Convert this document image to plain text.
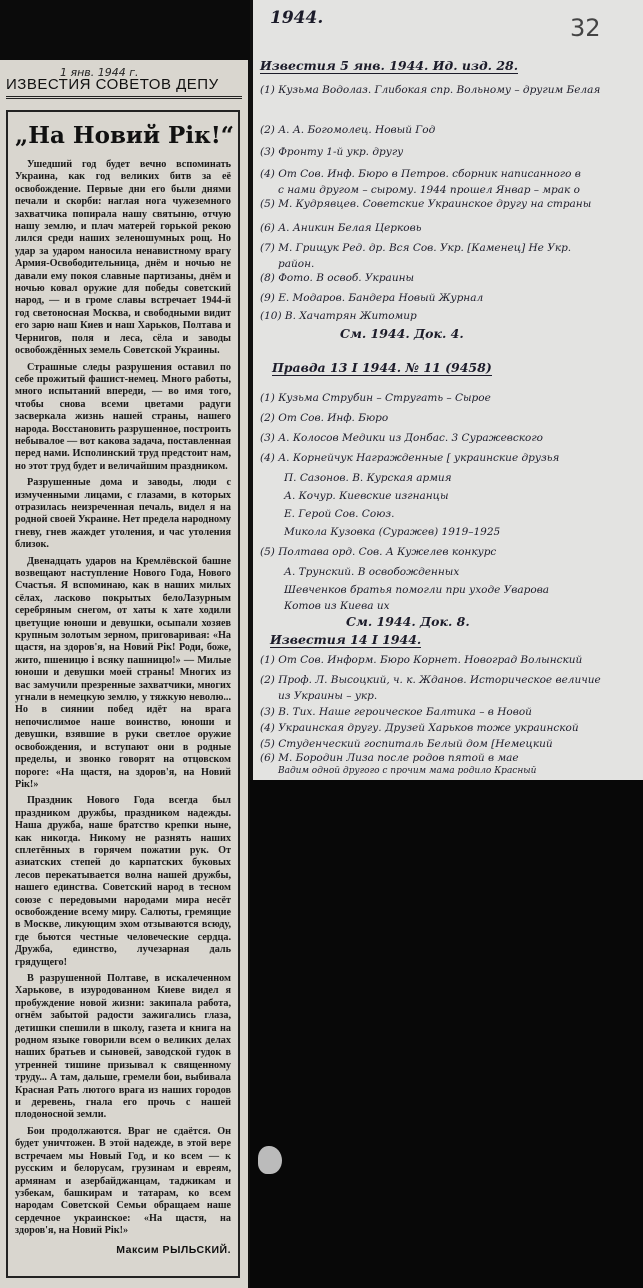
32
1944.
Известия 5 янв. 1944. Ид. изд. 28.
(1) Кузьма Водолаз. Глибокая спр. Вольному – другим Белая
(2) А. А. Богомолец. Новый Год
(3) Фронту 1-й укр. другу
(4) От Сов. Инф. Бюро в Петров. сборник написанного в
с нами другом – сырому. 1944 прошел Январ – мрак о
(5) М. Кудрявцев. Советские Украинское другу на страны
(6) А. Аникин Белая Церковь
(7) М. Грищук Ред. др. Вся Сов. Укр. [Каменец] Не Укр.
район.
(8) Фото. В освоб. Украины
(9) Е. Модаров. Бандера Новый Журнал
(10) В. Хачатрян Житомир
См. 1944. Док. 4.
Правда 13 I 1944. № 11 (9458)
(1) Кузьма Струбин – Стругать – Сырое
(2) От Сов. Инф. Бюро
(3) А. Колосов Медики из Донбас. 3 Суражевского
(4) А. Корнейчук Награжденные [ украинские друзья
П. Сазонов. В. Курская армия
А. Кочур. Киевские изгнанцы
Е. Герой Сов. Союз.
Микола Кузовка (Суражев) 1919–1925
(5) Полтава орд. Сов. А Кужелев конкурс
А. Трунский. В освобожденных
Шевченков братья помогли при уходе Уварова
Котов из Киева их
См. 1944. Док. 8.
Известия 14 I 1944.
(1) От Сов. Информ. Бюро Корнет. Новоград Волынский
(2) Проф. Л. Высоцкий, ч. к. Жданов. Историческое величие
из Украины – укр.
(3) В. Тих. Наше героическое Балтика – в Новой
(4) Украинская другу. Друзей Харьков тоже украинской
(5) Студенческий госпиталь Белый дом [Немецкий
(6) М. Бородин Лиза после родов пятой в мае
Вадим одной другого с прочим мама родило Красный
1 янв. 1944 г.
ИЗВЕСТИЯ СОВЕТОВ ДЕПУ
„На Новий Рік!“

Ушедший год будет вечно вспоминать Украина, как год великих битв за её освобождение. Первые дни его были днями печали и скорби: наглая нога чужеземного захватчика попирала нашу святыню, отчую нашу землю, и плач матерей горькой рекою лился среди наших зеленошумных рощ. Но удар за ударом наносила ненавистному врагу Армия-Освободительница, днём и ночью не давали ему покоя славные партизаны, днём и ночью ковал оружие для победы советский народ, — и в громе славы встречает 1944-й год светоносная Москва, и свободными видит его зарю наш Киев и наш Харьков, Полтава и Чернигов, поля и леса, сёла и заводы освобождённых земель Советской Украины.

Страшные следы разрушения оставил по себе прожитый фашист-немец. Много работы, много испытаний впереди, — во имя того, чтобы снова всеми цветами радуги засверкала жизнь нашей страны, нашего народа. Восстановить разрушенное, построить небывалое — вот какова задача, поставленная перед нами. Исполинский труд предстоит нам, но этот труд будет и величайшим праздником.

Разрушенные дома и заводы, люди с измученными лицами, с глазами, в которых отразилась неизреченная печаль, видел я на родной своей Украине. Нет предела народному гневу, гнев жаждет утоления, и час утоления близок.

Двенадцать ударов на Кремлёвской башне возвещают наступление Нового Года, Нового Счастья. Я вспоминаю, как в наших милых сёлах, ласково покрытых белоЛазурным серебряным снегом, от хаты к хате ходили цветущие юноши и девушки, осыпали хозяев крупным золотым зерном, приговаривая: «На щастя, на здоров'я, на Новий Рік! Роди, боже, жито, пшеницю і всяку пашницю!» — Милые юноши и девушки моей страны! Многих из вас замучили презренные захватчики, многих угнали в немецкую землю, у тяжкую неволю... Но в сиянии побед идёт на врага непочислимое наше воинство, юноши и девушки, взявшие в руки светлое оружие освобождения, и вступают они в родные пределы, и звонко говорят на отцовском пороге: «На щастя, на здоров'я, на Новий Рік!»

Праздник Нового Года всегда был праздником дружбы, праздником надежды. Наша дружба, наше братство крепки ныне, как никогда. Никому не разнять наших сплетённых в горячем пожатии рук. От азиатских степей до карпатских буковых лесов перекатывается волна нашей дружбы, нашего единства. Советский народ в тесном союзе с передовыми народами мира несёт освобождение всему миру. Салюты, гремящие в Москве, ликующим эхом отзываются всюду, где бьются честные человеческие сердца. Дружба, единство, лучезарная даль грядущего!

В разрушенной Полтаве, в искалеченном Харькове, в изуродованном Киеве видел я пробуждение новой жизни: закипала работа, огнём забытой радости зажигались глаза, детишки спешили в школу, газета и книга на родном языке говорили всем о великих делах наших братьев и сыновей, заводской гудок в утренней тишине призывал к священному труду... А там, дальше, гремели бои, выбивала Красная Рать лютого врага из наших городов и деревень, гнала его прочь с нашей плодоносной земли.

Бои продолжаются. Враг не сдаётся. Он будет уничтожен. В этой надежде, в этой вере встречаем мы Новый Год, и ко всем — к русским и белорусам, грузинам и евреям, армянам и азербайджанцам, таджикам и узбекам, башкирам и татарам, ко всем народам Советской Семьи обращаем наше сердечное украинское: «На щастя, на здоров'я, на Новий Рік!»

Максим РЫЛЬСКИЙ.
